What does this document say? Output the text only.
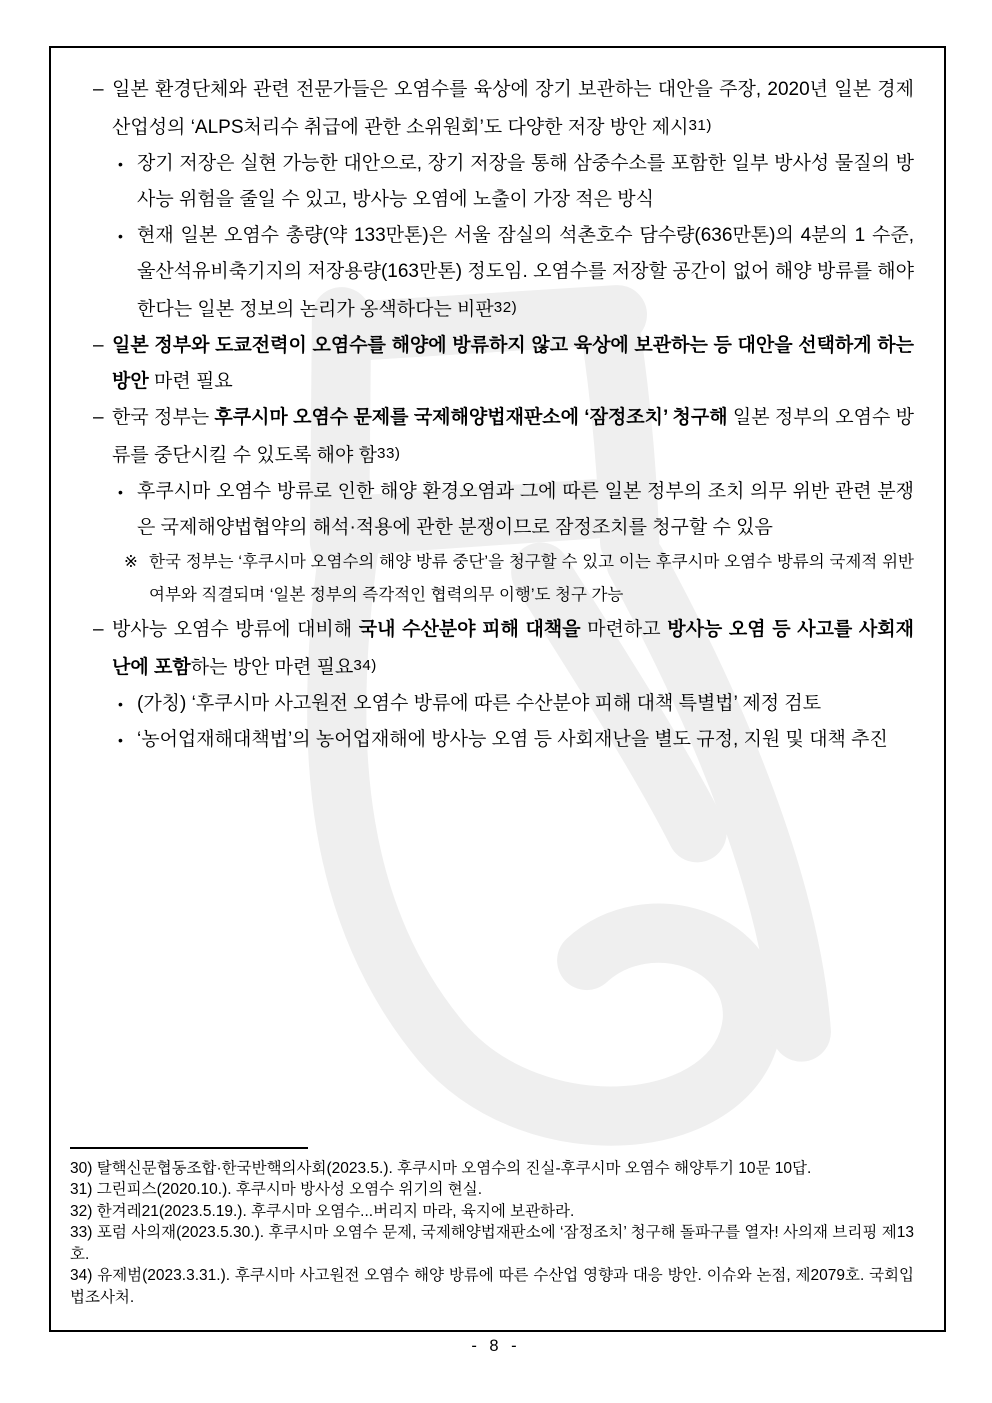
– 일본 환경단체와 관련 전문가들은 오염수를 육상에 장기 보관하는 대안을 주장, 2020년 일본 경제산업성의 ‘ALPS처리수 취급에 관한 소위원회’도 다양한 저장 방안 제시31)
• 장기 저장은 실현 가능한 대안으로, 장기 저장을 통해 삼중수소를 포함한 일부 방사성 물질의 방사능 위험을 줄일 수 있고, 방사능 오염에 노출이 가장 적은 방식
• 현재 일본 오염수 총량(약 133만톤)은 서울 잠실의 석촌호수 담수량(636만톤)의 4분의 1 수준, 울산석유비축기지의 저장용량(163만톤) 정도임. 오염수를 저장할 공간이 없어 해양 방류를 해야 한다는 일본 정보의 논리가 옹색하다는 비판32)
– 일본 정부와 도쿄전력이 오염수를 해양에 방류하지 않고 육상에 보관하는 등 대안을 선택하게 하는 방안 마련 필요
– 한국 정부는 후쿠시마 오염수 문제를 국제해양법재판소에 ‘잠정조치’ 청구해 일본 정부의 오염수 방류를 중단시킬 수 있도록 해야 함33)
• 후쿠시마 오염수 방류로 인한 해양 환경오염과 그에 따른 일본 정부의 조치 의무 위반 관련 분쟁은 국제해양법협약의 해석·적용에 관한 분쟁이므로 잠정조치를 청구할 수 있음
※ 한국 정부는 ‘후쿠시마 오염수의 해양 방류 중단’을 청구할 수 있고 이는 후쿠시마 오염수 방류의 국제적 위반 여부와 직결되며 ‘일본 정부의 즉각적인 협력의무 이행’도 청구 가능
– 방사능 오염수 방류에 대비해 국내 수산분야 피해 대책을 마련하고 방사능 오염 등 사고를 사회재난에 포함하는 방안 마련 필요34)
• (가칭) ‘후쿠시마 사고원전 오염수 방류에 따른 수산분야 피해 대책 특별법’ 제정 검토
• ‘농어업재해대책법’의 농어업재해에 방사능 오염 등 사회재난을 별도 규정, 지원 및 대책 추진

30) 탈핵신문협동조합·한국반핵의사회(2023.5.). 후쿠시마 오염수의 진실-후쿠시마 오염수 해양투기 10문 10답.

31) 그린피스(2020.10.). 후쿠시마 방사성 오염수 위기의 현실.

32) 한겨레21(2023.5.19.). 후쿠시마 오염수...버리지 마라, 육지에 보관하라.

33) 포럼 사의재(2023.5.30.). 후쿠시마 오염수 문제, 국제해양법재판소에 ‘잠정조치’ 청구해 돌파구를 열자! 사의재 브리핑 제13호.

34) 유제범(2023.3.31.). 후쿠시마 사고원전 오염수 해양 방류에 따른 수산업 영향과 대응 방안. 이슈와 논점, 제2079호. 국회입법조사처.

- 8 -
